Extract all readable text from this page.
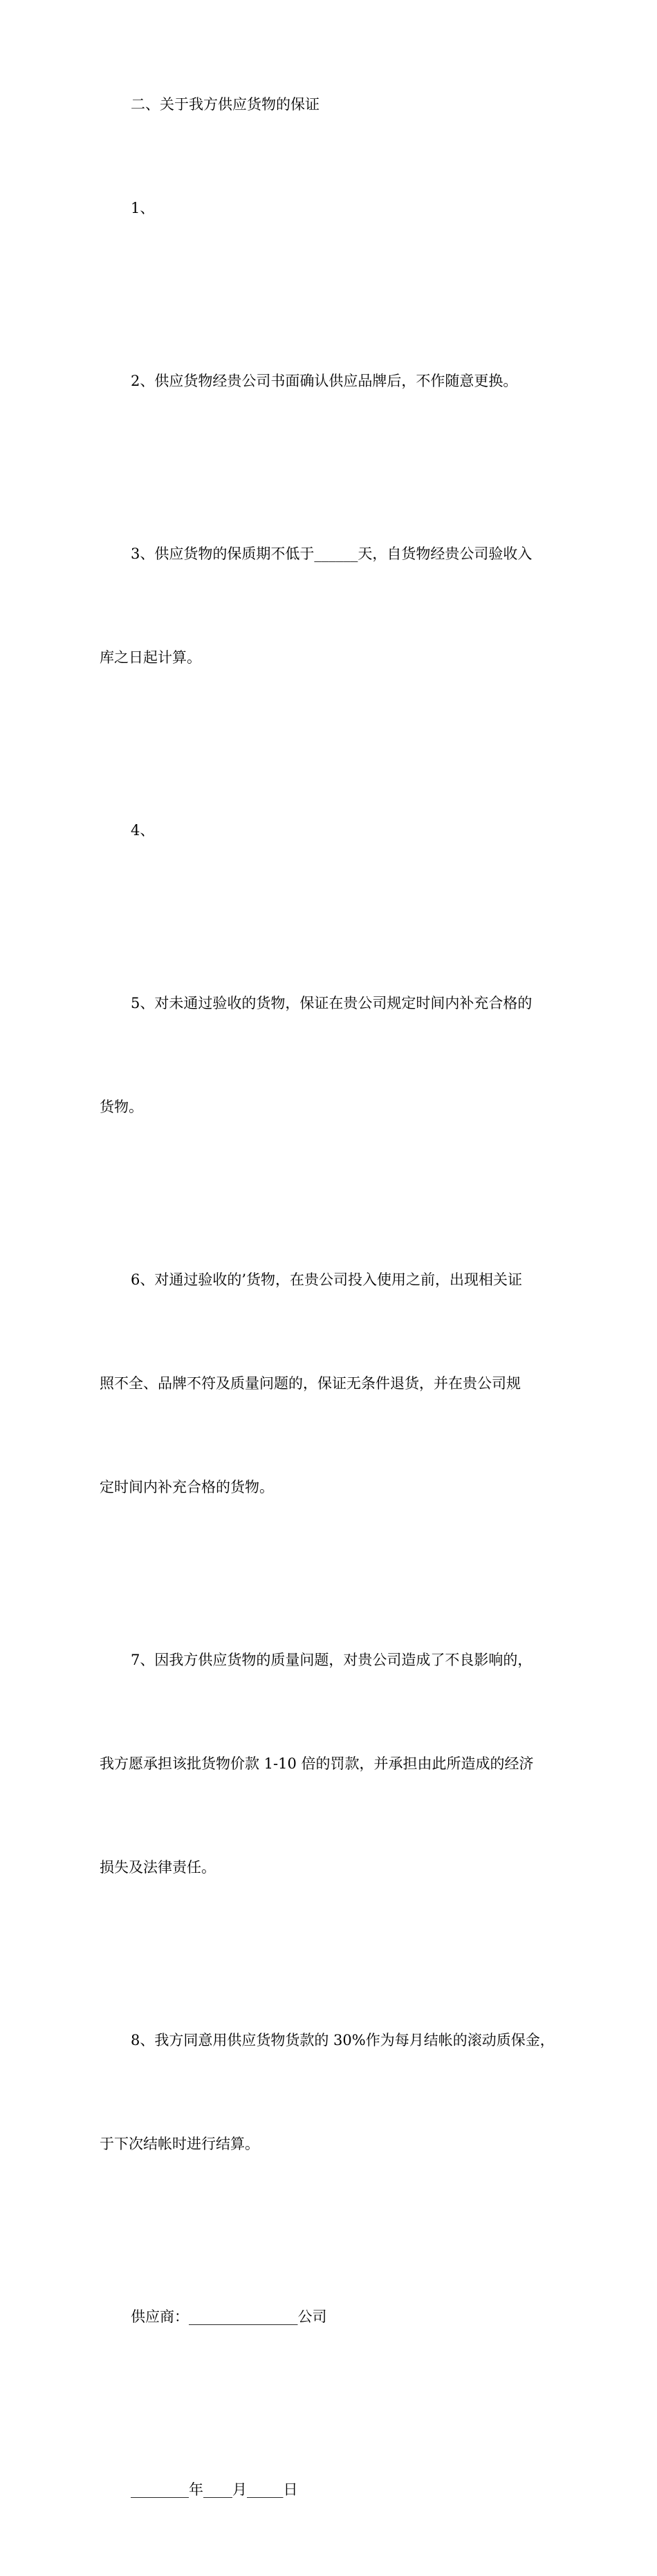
二、关于我方供应货物的保证

1、

2、供应货物经贵公司书面确认供应品牌后，不作随意更换。

3、供应货物的保质期不低于______天，自货物经贵公司验收入

库之日起计算。

4、

5、对未通过验收的货物，保证在贵公司规定时间内补充合格的

货物。

6、对通过验收的’货物，在贵公司投入使用之前，出现相关证

照不全、品牌不符及质量问题的，保证无条件退货，并在贵公司规

定时间内补充合格的货物。

7、因我方供应货物的质量问题，对贵公司造成了不良影响的，

我方愿承担该批货物价款 1-10 倍的罚款，并承担由此所造成的经济

损失及法律责任。

8、我方同意用供应货物货款的 30%作为每月结帐的滚动质保金，

于下次结帐时进行结算。

供应商：_______________公司

________年____月_____日
